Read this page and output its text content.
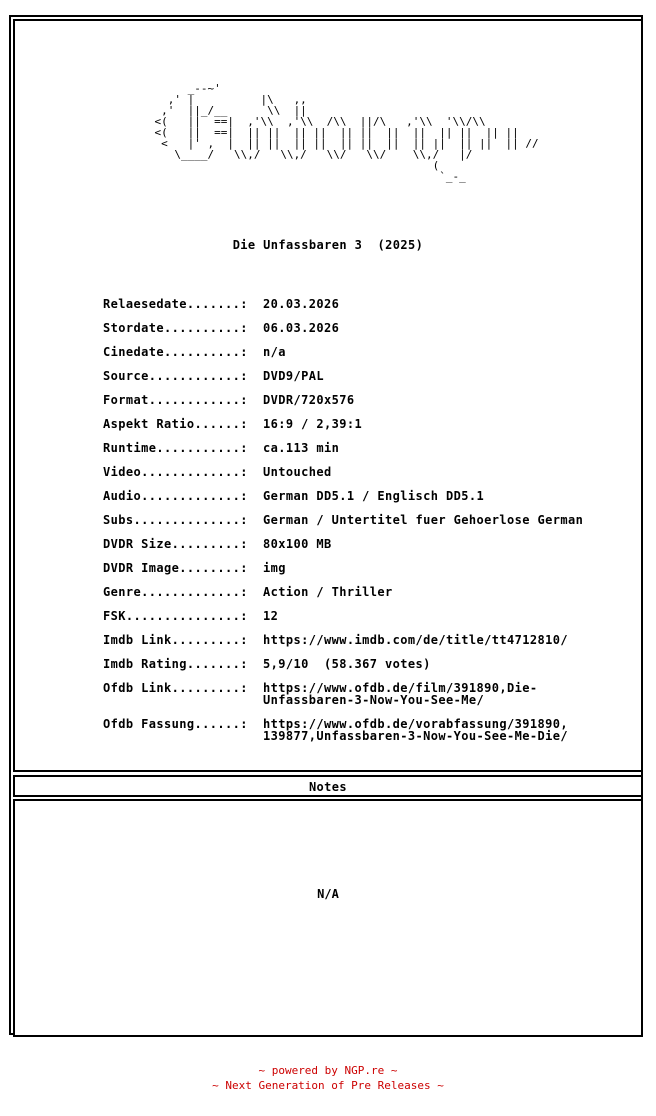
_--~'
,' |          |\   ,,
,'  ||_/__      \\  ||
<(   ||  ==|  ,'\\  ,'\\  /\\  ||/\   ,'\\  '\\/\\
<(   ||  ==|  || ||  || ||  || ||  ||  ||  || ||  || ||
<   |' ,  |  || ||  || ||  || ||  ||  || ||  || ||  || //
\____/   \\,/   \\,/   \\/   \\/    \\,/   |/
(
`_-_
Die Unfassbaren 3  (2025)
Relaesedate.......:	20.03.2026
Stordate..........:	06.03.2026
Cinedate..........:	n/a
Source............:	DVD9/PAL
Format............:	DVDR/720x576
Aspekt Ratio......:	16:9 / 2,39:1
Runtime...........:	ca.113 min
Video.............:	Untouched
Audio.............:	German DD5.1 / Englisch DD5.1
Subs..............:	German / Untertitel fuer Gehoerlose German
DVDR Size.........:	80x100 MB
DVDR Image........:	img
Genre.............:	Action / Thriller
FSK...............:	12
Imdb Link.........:	https://www.imdb.com/de/title/tt4712810/
Imdb Rating.......:	5,9/10  (58.367 votes)
Ofdb Link.........:	https://www.ofdb.de/film/391890,Die-
Unfassbaren-3-Now-You-See-Me/
Ofdb Fassung......:	https://www.ofdb.de/vorabfassung/391890,
139877,Unfassbaren-3-Now-You-See-Me-Die/
Notes
N/A
~ powered by NGP.re ~
~ Next Generation of Pre Releases ~
